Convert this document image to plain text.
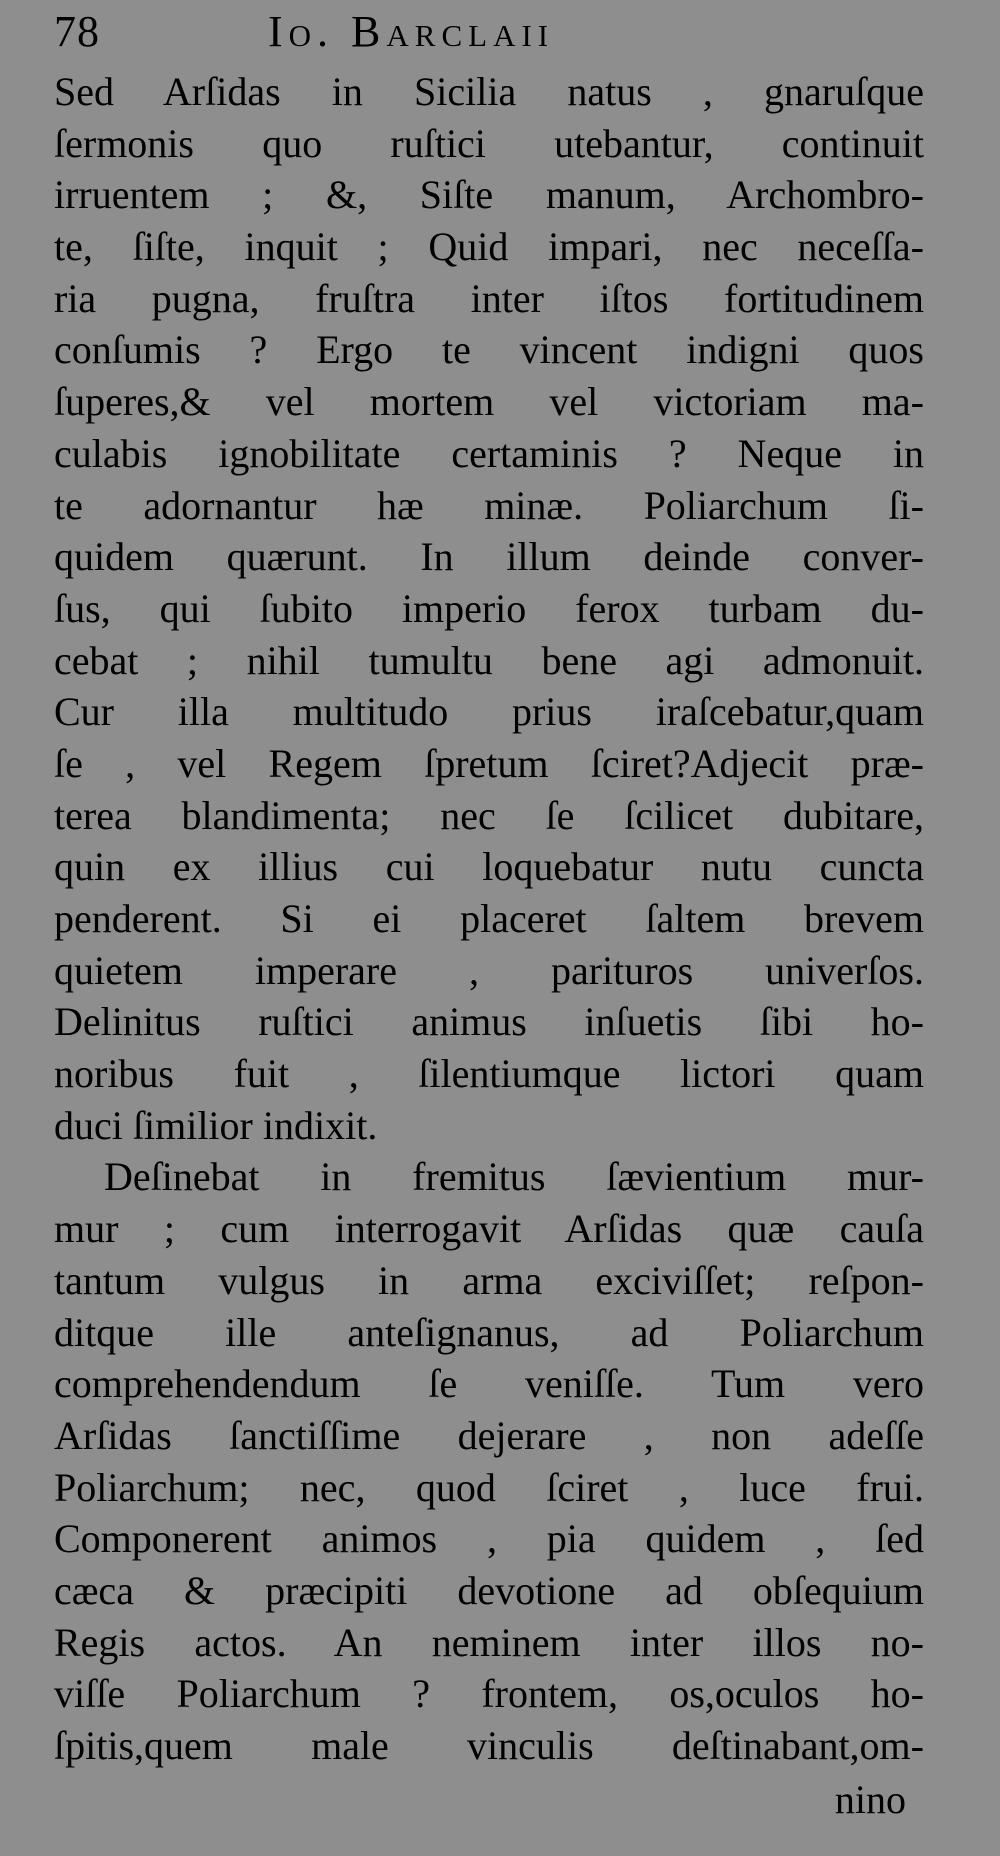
78	Io. Barclaii
Sed Arſidas in Sicilia natus , gnaruſque
ſermonis quo ruſtici utebantur, continuit
irruentem ; &, Siſte manum, Archombro-
te, ſiſte, inquit ; Quid impari, nec neceſſa-
ria pugna, fruſtra inter iſtos fortitudinem
conſumis ? Ergo te vincent indigni quos
ſuperes,& vel mortem vel victoriam ma-
culabis ignobilitate certaminis ? Neque in
te adornantur hæ minæ. Poliarchum ſi-
quidem quærunt. In illum deinde conver-
ſus, qui ſubito imperio ferox turbam du-
cebat ; nihil tumultu bene agi admonuit.
Cur illa multitudo prius iraſcebatur,quam
ſe , vel Regem ſpretum ſciret?Adjecit præ-
terea blandimenta; nec ſe ſcilicet dubitare,
quin ex illius cui loquebatur nutu cuncta
penderent. Si ei placeret ſaltem brevem
quietem imperare , parituros univerſos.
Delinitus ruſtici animus inſuetis ſibi ho-
noribus fuit , ſilentiumque lictori quam
duci ſimilior indixit.
Deſinebat in fremitus ſævientium mur-
mur ; cum interrogavit Arſidas quæ cauſa
tantum vulgus in arma exciviſſet; reſpon-
ditque ille anteſignanus, ad Poliarchum
comprehendendum ſe veniſſe. Tum vero
Arſidas ſanctiſſime dejerare , non adeſſe
Poliarchum; nec, quod ſciret , luce frui.
Componerent animos , pia quidem , ſed
cæca & præcipiti devotione ad obſequium
Regis actos. An neminem inter illos no-
viſſe Poliarchum ? frontem, os,oculos ho-
ſpitis,quem male vinculis deſtinabant,om-
nino
